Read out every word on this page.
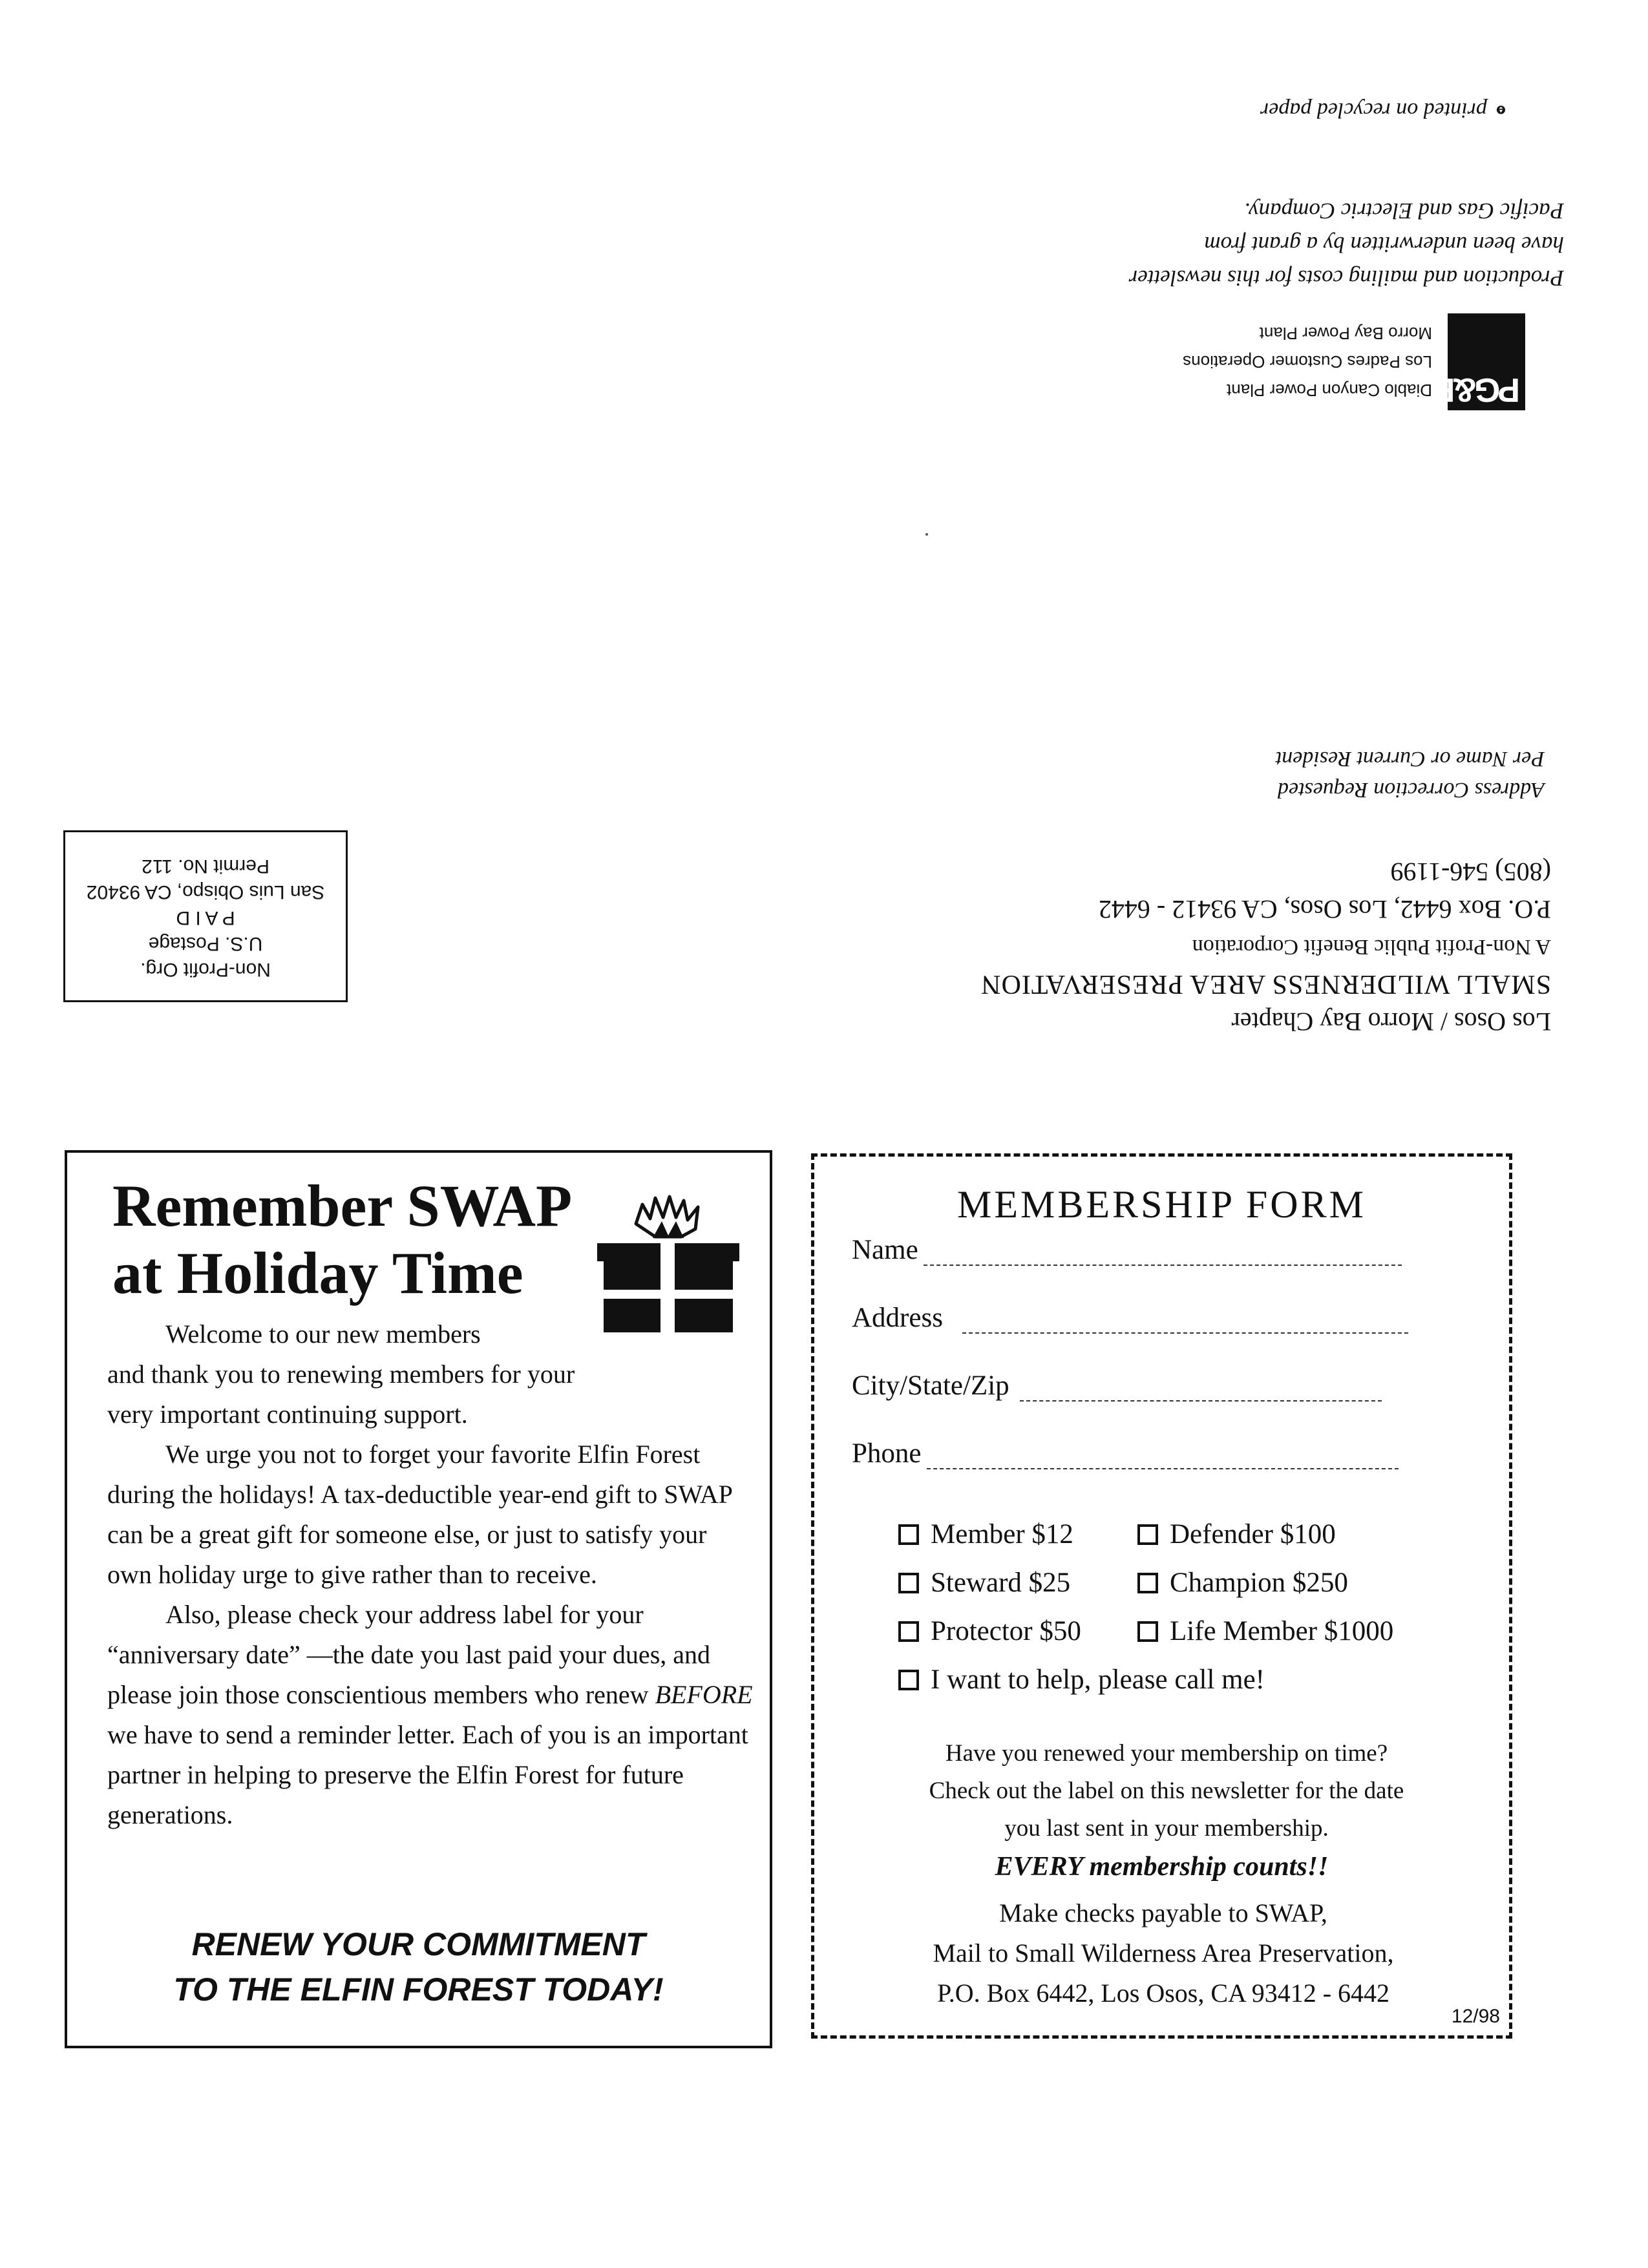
printed on recycled paper
Production and mailing costs for this newsletter
have been underwritten by a grant from
Pacific Gas and Electric Company.
PG&E
Diablo Canyon Power Plant
Los Padres Customer Operations
Morro Bay Power Plant
Address Correction Requested
Per Name or Current Resident
Los Osos / Morro Bay Chapter
SMALL WILDERNESS AREA PRESERVATION
A Non-Profit Public Benefit Corporation
P.O. Box 6442, Los Osos, CA 93412 - 6442
(805) 546-1199
Non-Profit Org.
U.S. Postage
P A I D
San Luis Obispo, CA 93402
Permit No. 112
Remember SWAP
at Holiday Time

Welcome to our new members

and thank you to renewing members for your

very important continuing support.

We urge you not to forget your favorite Elfin Forest during the holidays! A tax-deductible year-end gift to SWAP can be a great gift for someone else, or just to satisfy your own holiday urge to give rather than to receive.

Also, please check your address label for your “anniversary date” —the date you last paid your dues, and please join those conscientious members who renew BEFORE we have to send a reminder letter. Each of you is an important partner in helping to preserve the Elfin Forest for future generations.

RENEW YOUR COMMITMENT
TO THE ELFIN FOREST TODAY!
MEMBERSHIP FORM
Name
Address
City/State/Zip
Phone
Member $12	Defender $100
Steward $25	Champion $250
Protector $50	Life Member $1000
I want to help, please call me!
Have you renewed your membership on time?
Check out the label on this newsletter for the date
you last sent in your membership.
EVERY membership counts!!
Make checks payable to SWAP,
Mail to Small Wilderness Area Preservation,
P.O. Box 6442, Los Osos, CA 93412 - 6442
12/98
